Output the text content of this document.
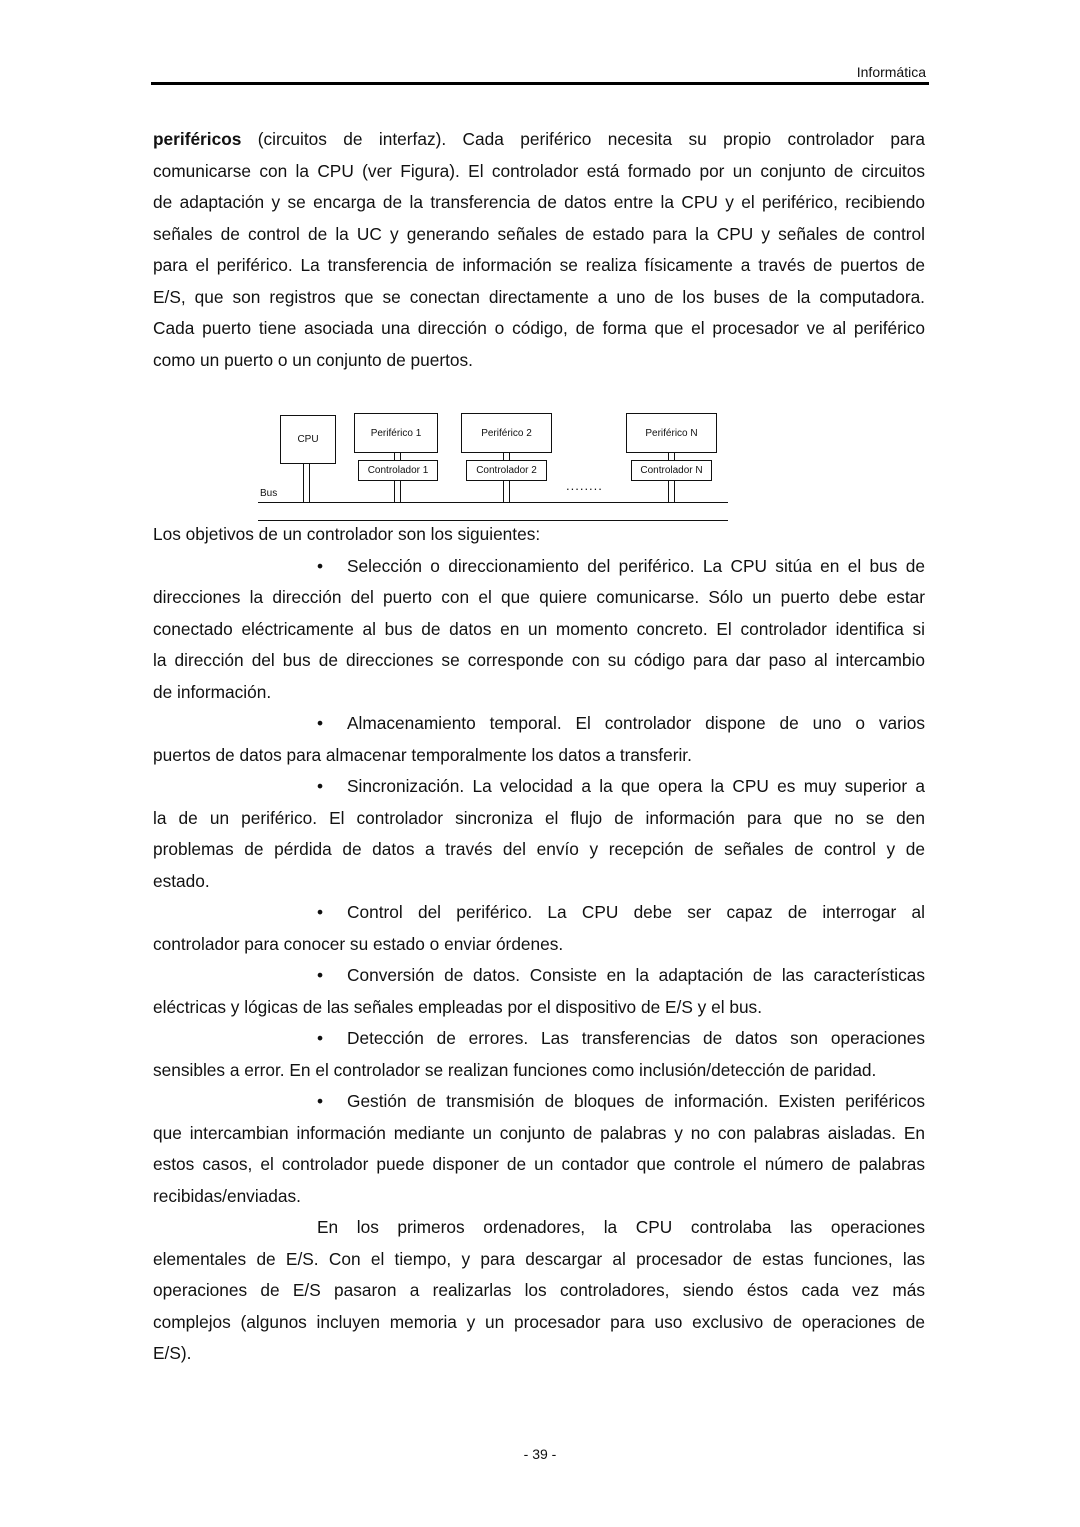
Informática
periféricos (circuitos de interfaz). Cada periférico necesita su propio controlador para
comunicarse con la CPU (ver Figura). El controlador está formado por un conjunto de circuitos
de adaptación y se encarga de la transferencia de datos entre la CPU y el periférico, recibiendo
señales de control de la UC y generando señales de estado para la CPU y señales de control
para el periférico. La transferencia de información se realiza físicamente a través de puertos de
E/S, que son registros que se conectan directamente a uno de los buses de la computadora.
Cada puerto tiene asociada una dirección o código, de forma que el procesador ve al periférico
como un puerto o un conjunto de puertos.
CPU
Periférico 1
Controlador 1
Periférico 2
Controlador 2
........
Periférico N
Controlador N
Bus
Los objetivos de un controlador son los siguientes:
• Selección o direccionamiento del periférico. La CPU sitúa en el bus de
direcciones la dirección del puerto con el que quiere comunicarse. Sólo un puerto debe estar
conectado eléctricamente al bus de datos en un momento concreto. El controlador identifica si
la dirección del bus de direcciones se corresponde con su código para dar paso al intercambio
de información.
• Almacenamiento temporal. El controlador dispone de uno o varios
puertos de datos para almacenar temporalmente los datos a transferir.
• Sincronización. La velocidad a la que opera la CPU es muy superior a
la de un periférico. El controlador sincroniza el flujo de información para que no se den
problemas de pérdida de datos a través del envío y recepción de señales de control y de
estado.
• Control del periférico. La CPU debe ser capaz de interrogar al
controlador para conocer su estado o enviar órdenes.
• Conversión de datos. Consiste en la adaptación de las características
eléctricas y lógicas de las señales empleadas por el dispositivo de E/S y el bus.
• Detección de errores. Las transferencias de datos son operaciones
sensibles a error. En el controlador se realizan funciones como inclusión/detección de paridad.
• Gestión de transmisión de bloques de información. Existen periféricos
que intercambian información mediante un conjunto de palabras y no con palabras aisladas. En
estos casos, el controlador puede disponer de un contador que controle el número de palabras
recibidas/enviadas.
En los primeros ordenadores, la CPU controlaba las operaciones
elementales de E/S. Con el tiempo, y para descargar al procesador de estas funciones, las
operaciones de E/S pasaron a realizarlas los controladores, siendo éstos cada vez más
complejos (algunos incluyen memoria y un procesador para uso exclusivo de operaciones de
E/S).
- 39 -
